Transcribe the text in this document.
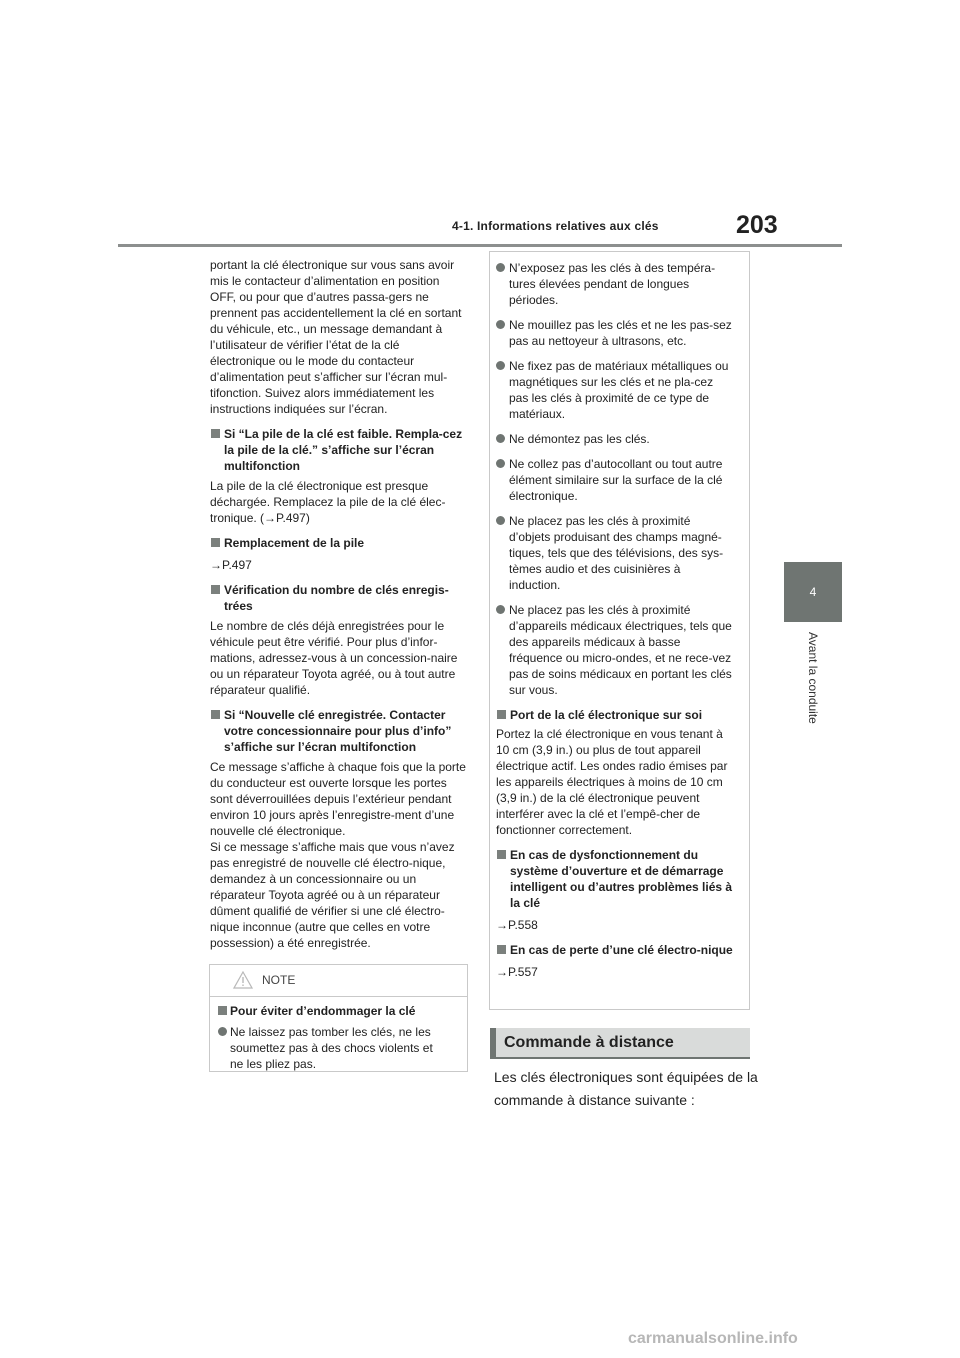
4-1. Informations relatives aux clés	203
4
Avant la conduite

portant la clé électronique sur vous sans avoir mis le contacteur d’alimentation en position OFF, ou pour que d’autres passa-gers ne prennent pas accidentellement la clé en sortant du véhicule, etc., un message demandant à l’utilisateur de vérifier l’état de la clé électronique ou le mode du contacteur d’alimentation peut s’afficher sur l’écran mul-tifonction. Suivez alors immédiatement les instructions indiquées sur l’écran.

Si “La pile de la clé est faible. Rempla-cez la pile de la clé.” s’affiche sur l’écran multifonction

La pile de la clé électronique est presque déchargée. Remplacez la pile de la clé élec-tronique. (→P.497)

Remplacement de la pile
→P.497
Vérification du nombre de clés enregis-trées

Le nombre de clés déjà enregistrées pour le véhicule peut être vérifié. Pour plus d’infor-mations, adressez-vous à un concession-naire ou un réparateur Toyota agréé, ou à tout autre réparateur qualifié.

Si “Nouvelle clé enregistrée. Contacter votre concessionnaire pour plus d’info” s’affiche sur l’écran multifonction

Ce message s’affiche à chaque fois que la porte du conducteur est ouverte lorsque les portes sont déverrouillées depuis l’extérieur pendant environ 10 jours après l’enregistre-ment d’une nouvelle clé électronique.

Si ce message s’affiche mais que vous n’avez pas enregistré de nouvelle clé électro-nique, demandez à un concessionnaire ou un réparateur Toyota agréé ou à un réparateur dûment qualifié de vérifier si une clé électro-nique inconnue (autre que celles en votre possession) a été enregistrée.

NOTE
Pour éviter d’endommager la clé
Ne laissez pas tomber les clés, ne les soumettez pas à des chocs violents et ne les pliez pas.
N’exposez pas les clés à des tempéra-tures élevées pendant de longues périodes.
Ne mouillez pas les clés et ne les pas-sez pas au nettoyeur à ultrasons, etc.
Ne fixez pas de matériaux métalliques ou magnétiques sur les clés et ne pla-cez pas les clés à proximité de ce type de matériaux.
Ne démontez pas les clés.
Ne collez pas d’autocollant ou tout autre élément similaire sur la surface de la clé électronique.
Ne placez pas les clés à proximité d’objets produisant des champs magné-tiques, tels que des télévisions, des sys-tèmes audio et des cuisinières à induction.
Ne placez pas les clés à proximité d’appareils médicaux électriques, tels que des appareils médicaux à basse fréquence ou micro-ondes, et ne rece-vez pas de soins médicaux en portant les clés sur vous.
Port de la clé électronique sur soi

Portez la clé électronique en vous tenant à 10 cm (3,9 in.) ou plus de tout appareil électrique actif. Les ondes radio émises par les appareils électriques à moins de 10 cm (3,9 in.) de la clé électronique peuvent interférer avec la clé et l’empê-cher de fonctionner correctement.

En cas de dysfonctionnement du système d’ouverture et de démarrage intelligent ou d’autres problèmes liés à la clé
→P.558
En cas de perte d’une clé électro-nique
→P.557
Commande à distance
Les clés électroniques sont équipées de la commande à distance suivante :
carmanualsonline.info
